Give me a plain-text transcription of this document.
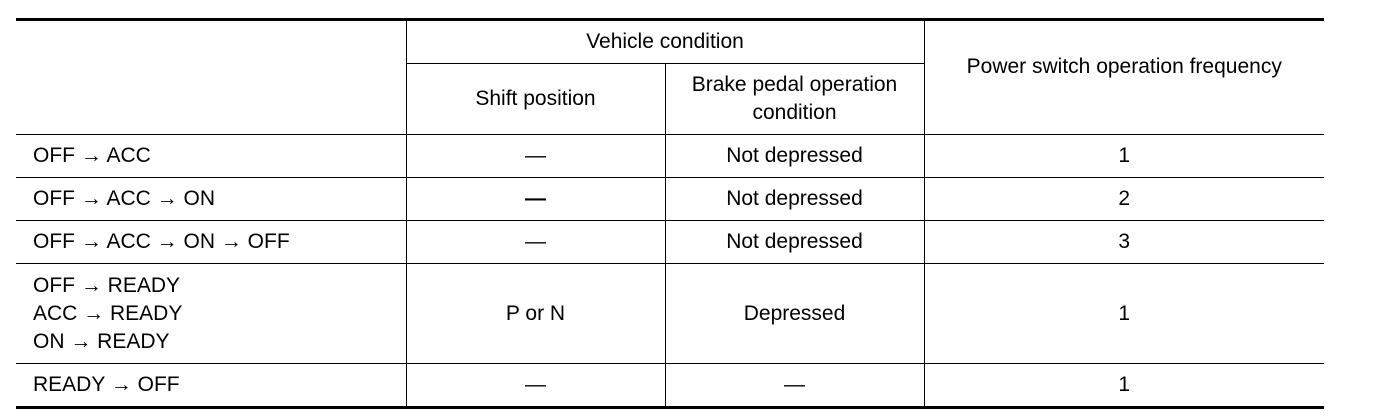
	Vehicle condition		Power switch operation frequency
	Shift position	Brake pedal operation
condition	

OFF → ACC	—	Not depressed	1

OFF → ACC → ON	—	Not depressed	2

OFF → ACC → ON → OFF	—	Not depressed	3

OFF → READY
ACC → READY
ON → READY	P or N	Depressed	1

READY → OFF	—	—	1
